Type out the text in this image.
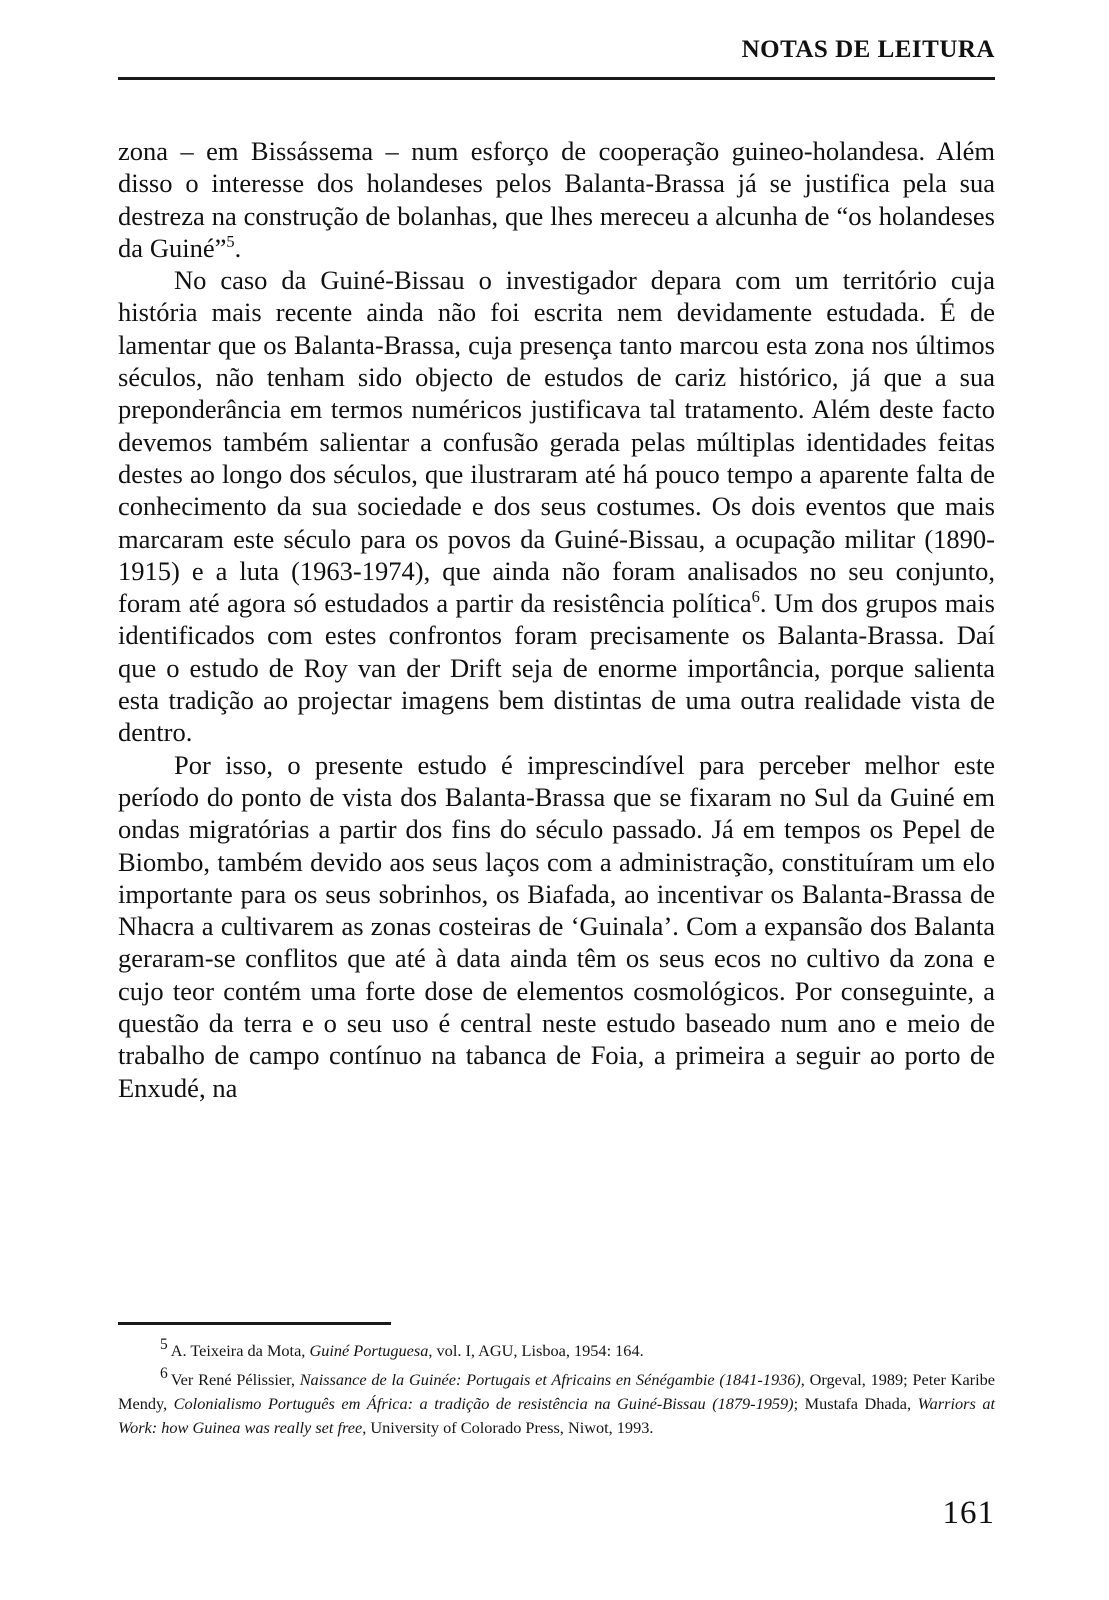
NOTAS DE LEITURA

zona – em Bissássema – num esforço de cooperação guineo-holandesa. Além disso o interesse dos holandeses pelos Balanta-Brassa já se justifica pela sua destreza na construção de bolanhas, que lhes mereceu a alcunha de “os holandeses da Guiné”$^5$.

No caso da Guiné-Bissau o investigador depara com um território cuja história mais recente ainda não foi escrita nem devidamente estudada. É de lamentar que os Balanta-Brassa, cuja presença tanto marcou esta zona nos últimos séculos, não tenham sido objecto de estudos de cariz histórico, já que a sua preponderância em termos numéricos justificava tal tratamento. Além deste facto devemos também salientar a confusão gerada pelas múltiplas identidades feitas destes ao longo dos séculos, que ilustraram até há pouco tempo a aparente falta de conhecimento da sua sociedade e dos seus costumes. Os dois eventos que mais marcaram este século para os povos da Guiné-Bissau, a ocupação militar (1890-1915) e a luta (1963-1974), que ainda não foram analisados no seu conjunto, foram até agora só estudados a partir da resistência política$^6$. Um dos grupos mais identificados com estes confrontos foram precisamente os Balanta-Brassa. Daí que o estudo de Roy van der Drift seja de enorme importância, porque salienta esta tradição ao projectar imagens bem distintas de uma outra realidade vista de dentro.

Por isso, o presente estudo é imprescindível para perceber melhor este período do ponto de vista dos Balanta-Brassa que se fixaram no Sul da Guiné em ondas migratórias a partir dos fins do século passado. Já em tempos os Pepel de Biombo, também devido aos seus laços com a administração, constituíram um elo importante para os seus sobrinhos, os Biafada, ao incentivar os Balanta-Brassa de Nhacra a cultivarem as zonas costeiras de ‘Guinala’. Com a expansão dos Balanta geraram-se conflitos que até à data ainda têm os seus ecos no cultivo da zona e cujo teor contém uma forte dose de elementos cosmológicos. Por conseguinte, a questão da terra e o seu uso é central neste estudo baseado num ano e meio de trabalho de campo contínuo na tabanca de Foia, a primeira a seguir ao porto de Enxudé, na

5 A. Teixeira da Mota, Guiné Portuguesa, vol. I, AGU, Lisboa, 1954: 164.

6 Ver René Pélissier, Naissance de la Guinée: Portugais et Africains en Sénégambie (1841-1936), Orgeval, 1989; Peter Karibe Mendy, Colonialismo Português em África: a tradição de resistência na Guiné-Bissau (1879-1959); Mustafa Dhada, Warriors at Work: how Guinea was really set free, University of Colorado Press, Niwot, 1993.

161
